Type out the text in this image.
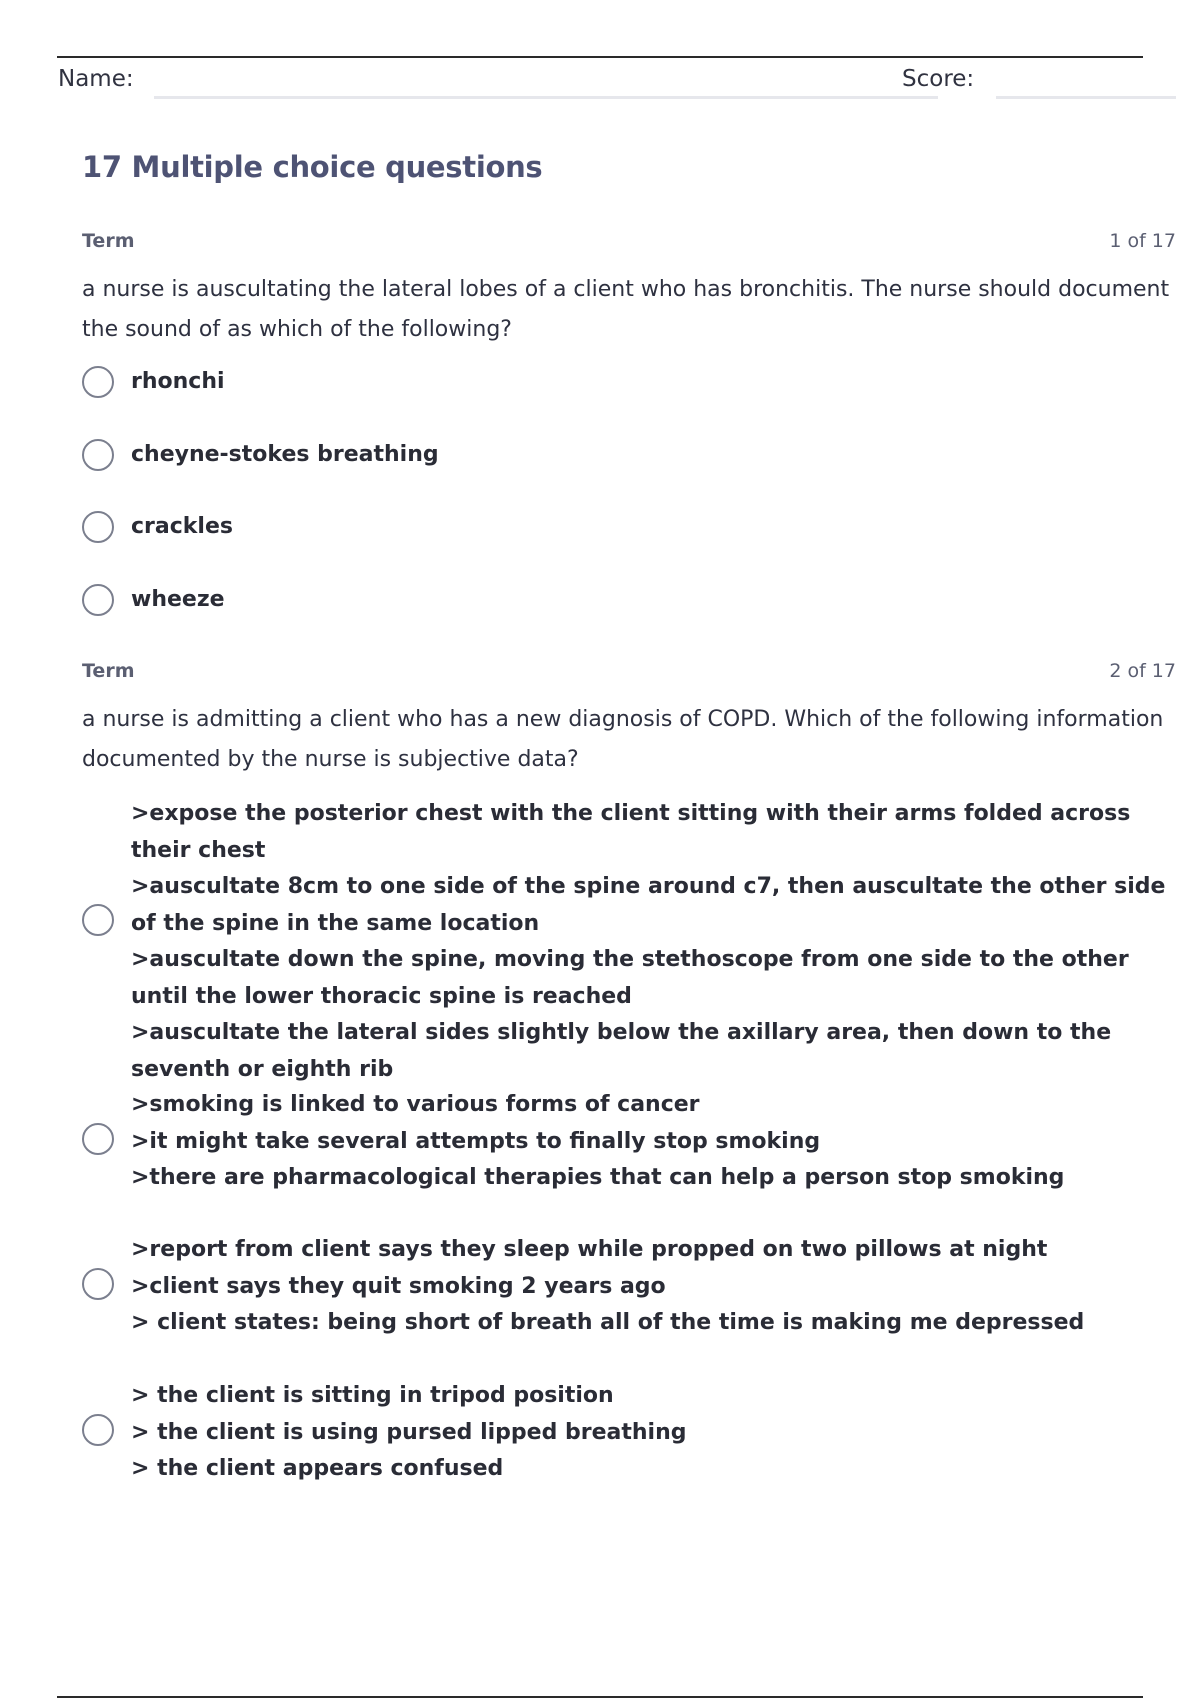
Name:	Score:
17 Multiple choice questions
Term	1 of 17
a nurse is auscultating the lateral lobes of a client who has bronchitis. The nurse should document the sound of as which of the following?
rhonchi
cheyne-stokes breathing
crackles
wheeze
Term	2 of 17
a nurse is admitting a client who has a new diagnosis of COPD. Which of the following information documented by the nurse is subjective data?
>expose the posterior chest with the client sitting with their arms folded across their chest
>auscultate 8cm to one side of the spine around c7, then auscultate the other side of the spine in the same location
>auscultate down the spine, moving the stethoscope from one side to the other until the lower thoracic spine is reached
>auscultate the lateral sides slightly below the axillary area, then down to the seventh or eighth rib
>smoking is linked to various forms of cancer
>it might take several attempts to finally stop smoking
>there are pharmacological therapies that can help a person stop smoking
>report from client says they sleep while propped on two pillows at night
>client says they quit smoking 2 years ago
> client states: being short of breath all of the time is making me depressed
> the client is sitting in tripod position
> the client is using pursed lipped breathing
> the client appears confused
